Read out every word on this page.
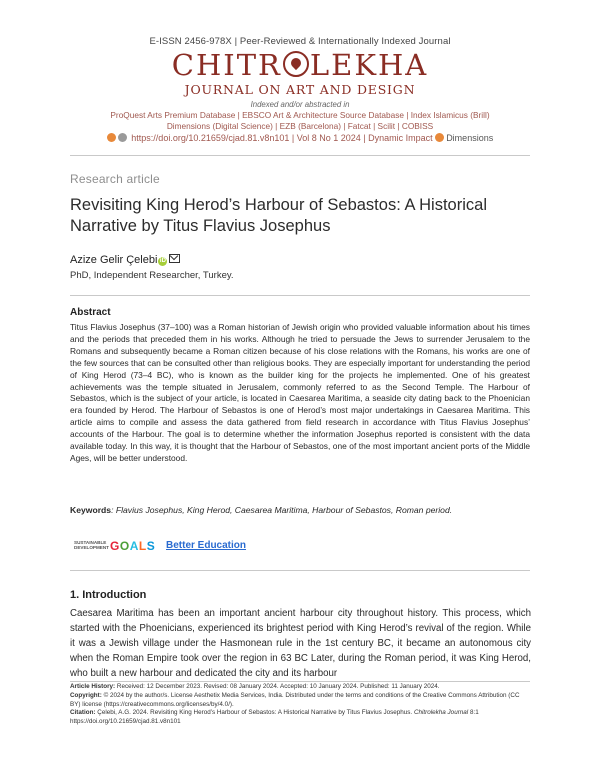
E-ISSN 2456-978X | Peer-Reviewed & Internationally Indexed Journal
CHITR LEKHA
JOURNAL ON ART AND DESIGN
Indexed and/or abstracted in
ProQuest Arts Premium Database | EBSCO Art & Architecture Source Database | Index Islamicus (Brill)
Dimensions (Digital Science) | EZB (Barcelona) | Fatcat | Scilit | COBISS
https://doi.org/10.21659/cjad.81.v8n101 | Vol 8 No 1 2024 | Dynamic Impact Dimensions
Research article
Revisiting King Herod’s Harbour of Sebastos: A Historical Narrative by Titus Flavius Josephus
Azize Gelir Çelebi iD
PhD, Independent Researcher, Turkey.
Abstract
Titus Flavius Josephus (37–100) was a Roman historian of Jewish origin who provided valuable information about his times and the periods that preceded them in his works. Although he tried to persuade the Jews to surrender Jerusalem to the Romans and subsequently became a Roman citizen because of his close relations with the Romans, his works are one of the few sources that can be consulted other than religious books. They are especially important for understanding the period of King Herod (73–4 BC), who is known as the builder king for the projects he implemented. One of his greatest achievements was the temple situated in Jerusalem, commonly referred to as the Second Temple. The Harbour of Sebastos, which is the subject of your article, is located in Caesarea Maritima, a seaside city dating back to the Phoenician era founded by Herod. The Harbour of Sebastos is one of Herod’s most major undertakings in Caesarea Maritima. This article aims to compile and assess the data gathered from field research in accordance with Titus Flavius Josephus’ accounts of the Harbour. The goal is to determine whether the information Josephus reported is consistent with the data available today. In this way, it is thought that the Harbour of Sebastos, one of the most important ancient ports of the Middle Ages, will be better understood.
Keywords: Flavius Josephus, King Herod, Caesarea Maritima, Harbour of Sebastos, Roman period.
SUSTAINABLE DEVELOPMENT GOALS Better Education
1. Introduction
Caesarea Maritima has been an important ancient harbour city throughout history. This process, which started with the Phoenicians, experienced its brightest period with King Herod’s revival of the region. While it was a Jewish village under the Hasmonean rule in the 1st century BC, it became an autonomous city when the Roman Empire took over the region in 63 BC Later, during the Roman period, it was King Herod, who built a new harbour and dedicated the city and its harbour
Article History: Received: 12 December 2023. Revised: 08 January 2024. Accepted: 10 January 2024. Published: 11 January 2024.
Copyright: © 2024 by the author/s. License Aesthetix Media Services, India. Distributed under the terms and conditions of the Creative Commons Attribution (CC BY) license (https://creativecommons.org/licenses/by/4.0/).
Citation: Çelebi, A.G. 2024. Revisiting King Herod’s Harbour of Sebastos: A Historical Narrative by Titus Flavius Josephus. Chitrolekha Journal 8:1
https://doi.org/10.21659/cjad.81.v8n101
